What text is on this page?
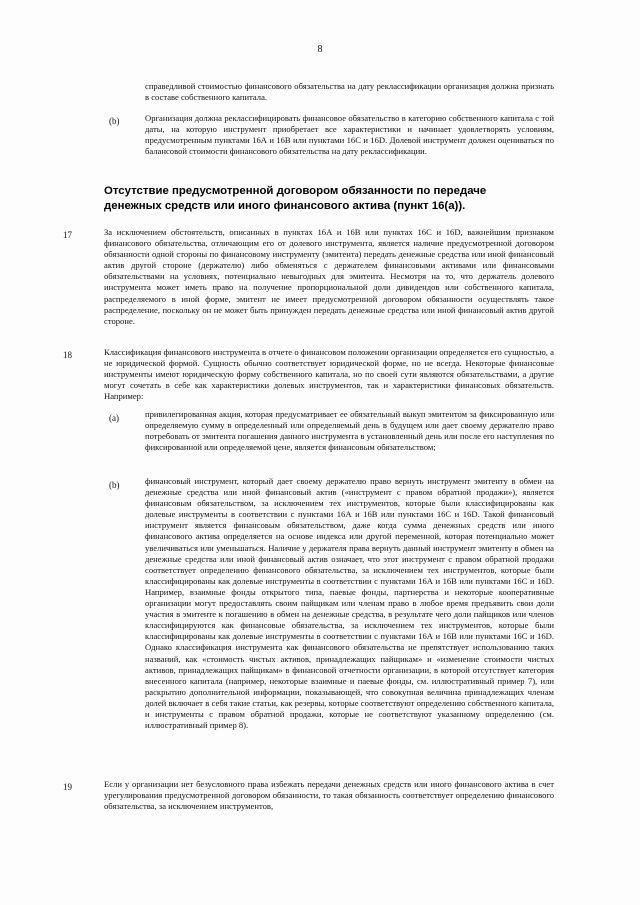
8
справедливой стоимостью финансового обязательства на дату реклассификации организация должна признать в составе собственного капитала.
(b)	Организация должна реклассифицировать финансовое обязательство в категорию собственного капитала с той даты, на которую инструмент приобретает все характеристики и начинает удовлетворять условиям, предусмотренным пунктами 16А и 16В или пунктами 16С и 16D. Долевой инструмент должен оцениваться по балансовой стоимости финансового обязательства на дату реклассификации.
Отсутствие предусмотренной договором обязанности по передаче денежных средств или иного финансового актива (пункт 16(а)).
17	За исключением обстоятельств, описанных в пунктах 16А и 16В или пунктах 16С и 16D, важнейшим признаком финансового обязательства, отличающим его от долевого инструмента, является наличие предусмотренной договором обязанности одной стороны по финансовому инструменту (эмитента) передать денежные средства или иной финансовый актив другой стороне (держателю) либо обменяться с держателем финансовыми активами или финансовыми обязательствами на условиях, потенциально невыгодных для эмитента. Несмотря на то, что держатель долевого инструмента может иметь право на получение пропорциональной доли дивидендов или собственного капитала, распределяемого в иной форме, эмитент не имеет предусмотренной договором обязанности осуществлять такое распределение, поскольку он не может быть принужден передать денежные средства или иной финансовый актив другой стороне.
18	Классификация финансового инструмента в отчете о финансовом положении организации определяется его сущностью, а не юридической формой. Сущность обычно соответствует юридической форме, но не всегда. Некоторые финансовые инструменты имеют юридическую форму собственного капитала, но по своей сути являются обязательствами, а другие могут сочетать в себе как характеристики долевых инструментов, так и характеристики финансовых обязательств. Например:
(a)	привилегированная акция, которая предусматривает ее обязательный выкуп эмитентом за фиксированную или определяемую сумму в определенный или определяемый день в будущем или дает своему держателю право потребовать от эмитента погашения данного инструмента в установленный день или после его наступления по фиксированной или определяемой цене, является финансовым обязательством;
(b)	финансовый инструмент, который дает своему держателю право вернуть инструмент эмитенту в обмен на денежные средства или иной финансовый актив («инструмент с правом обратной продажи»), является финансовым обязательством, за исключением тех инструментов, которые были классифицированы как долевые инструменты в соответствии с пунктами 16А и 16В или пунктами 16С и 16D. Такой финансовый инструмент является финансовым обязательством, даже когда сумма денежных средств или иного финансового актива определяется на основе индекса или другой переменной, которая потенциально может увеличиваться или уменьшаться. Наличие у держателя права вернуть данный инструмент эмитенту в обмен на денежные средства или иной финансовый актив означает, что этот инструмент с правом обратной продажи соответствует определению финансового обязательства, за исключением тех инструментов, которые были классифицированы как долевые инструменты в соответствии с пунктами 16А и 16В или пунктами 16С и 16D. Например, взаимные фонды открытого типа, паевые фонды, партнерства и некоторые кооперативные организации могут предоставлять своим пайщикам или членам право в любое время предъявить свои доли участия в эмитенте к погашению в обмен на денежные средства, в результате чего доли пайщиков или членов классифицируются как финансовые обязательства, за исключением тех инструментов, которые были классифицированы как долевые инструменты в соответствии с пунктами 16А и 16В или пунктами 16С и 16D. Однако классификация инструмента как финансового обязательства не препятствует использованию таких названий, как «стоимость чистых активов, принадлежащих пайщикам» и «изменение стоимости чистых активов, принадлежащих пайщикам» в финансовой отчетности организации, в которой отсутствует категория внесенного капитала (например, некоторые взаимные и паевые фонды, см. иллюстративный пример 7), или раскрытию дополнительной информации, показывающей, что совокупная величина принадлежащих членам долей включает в себя такие статьи, как резервы, которые соответствуют определению собственного капитала, и инструменты с правом обратной продажи, которые не соответствуют указанному определению (см. иллюстративный пример 8).
19	Если у организации нет безусловного права избежать передачи денежных средств или иного финансового актива в счет урегулирования предусмотренной договором обязанности, то такая обязанность соответствует определению финансового обязательства, за исключением инструментов,
